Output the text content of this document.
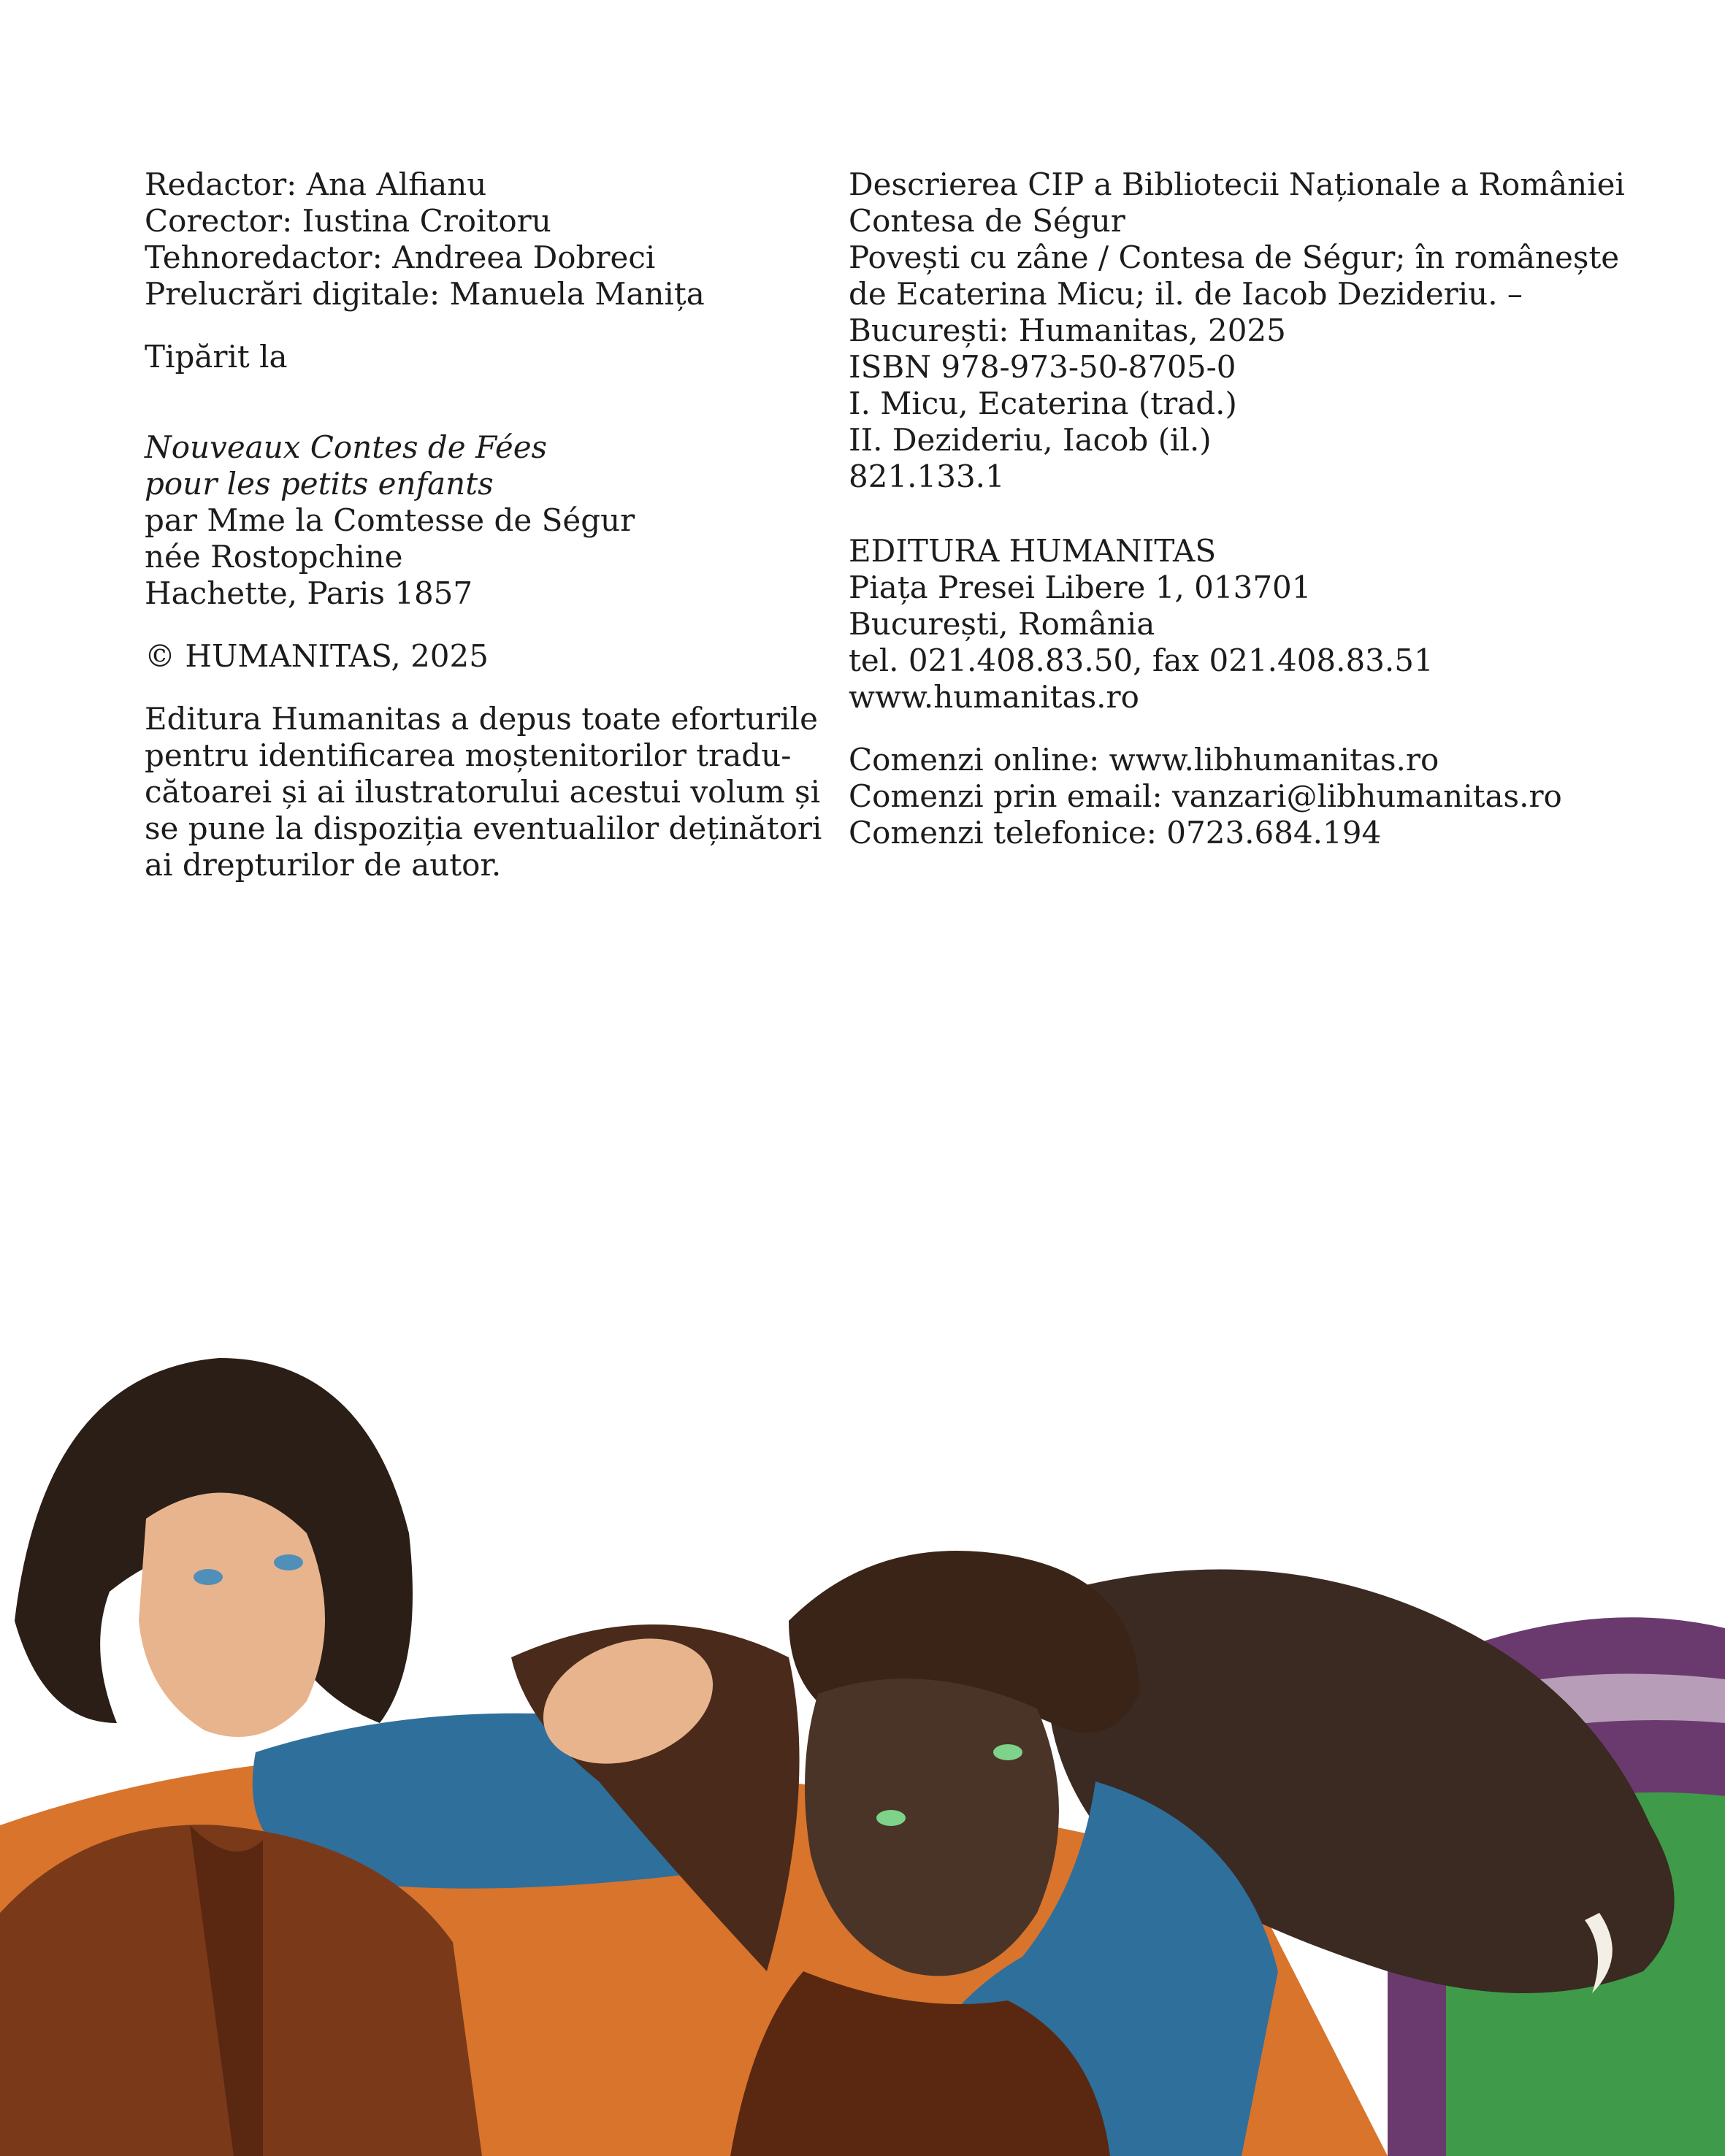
Redactor: Ana Alfianu
Corector: Iustina Croitoru
Tehnoredactor: Andreea Dobreci
Prelucrări digitale: Manuela Manița
Tipărit la
Nouveaux Contes de Fées
pour les petits enfants
par Mme la Comtesse de Ségur
née Rostopchine
Hachette, Paris 1857
© HUMANITAS, 2025
Editura Humanitas a depus toate eforturile
pentru identificarea moștenitorilor tradu-
cătoarei și ai ilustratorului acestui volum și
se pune la dispoziția eventualilor deținători
ai drepturilor de autor.
Descrierea CIP a Bibliotecii Naționale a României
Contesa de Ségur
Povești cu zâne / Contesa de Ségur; în românește
de Ecaterina Micu; il. de Iacob Dezideriu. –
București: Humanitas, 2025
ISBN 978-973-50-8705-0
I. Micu, Ecaterina (trad.)
II. Dezideriu, Iacob (il.)
821.133.1
EDITURA HUMANITAS
Piața Presei Libere 1, 013701
București, România
tel. 021.408.83.50, fax 021.408.83.51
www.humanitas.ro
Comenzi online: www.libhumanitas.ro
Comenzi prin email: vanzari@libhumanitas.ro
Comenzi telefonice: 0723.684.194
